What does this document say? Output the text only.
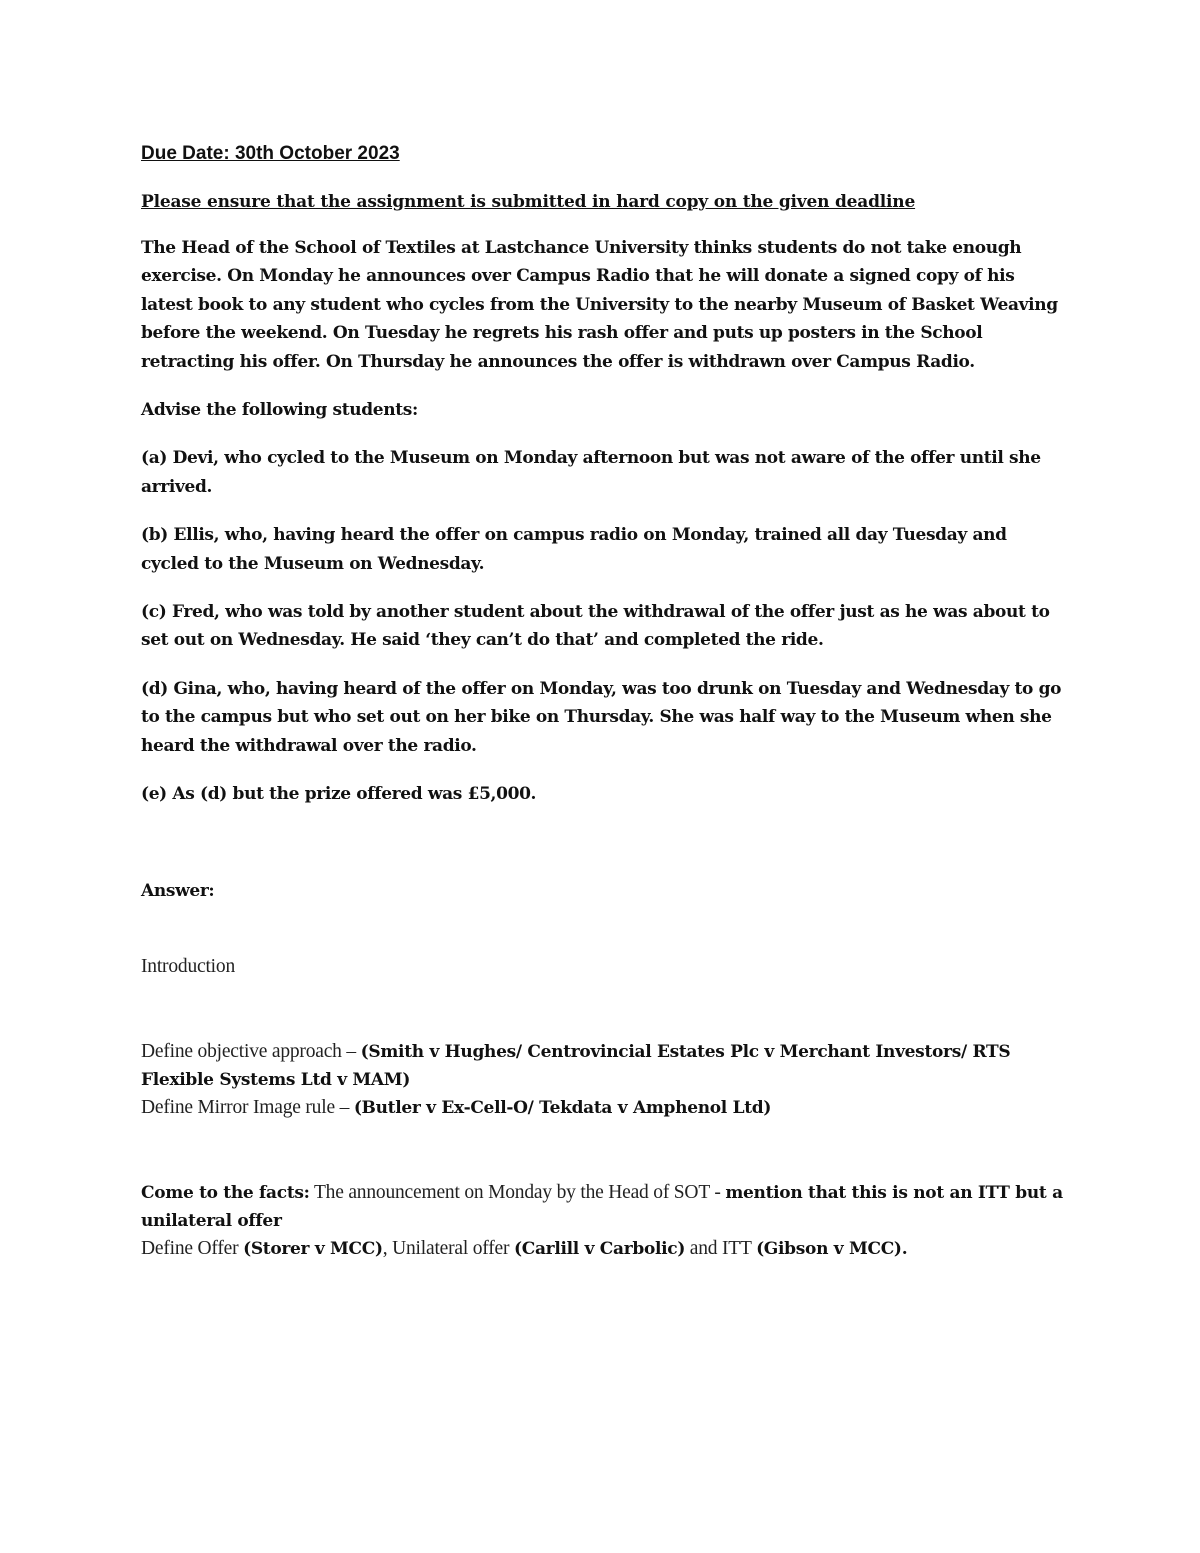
Due Date: 30th October 2023

Please ensure that the assignment is submitted in hard copy on the given deadline

The Head of the School of Textiles at Lastchance University thinks students do not take enough exercise. On Monday he announces over Campus Radio that he will donate a signed copy of his latest book to any student who cycles from the University to the nearby Museum of Basket Weaving before the weekend. On Tuesday he regrets his rash offer and puts up posters in the School retracting his offer. On Thursday he announces the offer is withdrawn over Campus Radio.

Advise the following students:

(a) Devi, who cycled to the Museum on Monday afternoon but was not aware of the offer until she arrived.

(b) Ellis, who, having heard the offer on campus radio on Monday, trained all day Tuesday and cycled to the Museum on Wednesday.

(c) Fred, who was told by another student about the withdrawal of the offer just as he was about to set out on Wednesday. He said ‘they can’t do that’ and completed the ride.

(d) Gina, who, having heard of the offer on Monday, was too drunk on Tuesday and Wednesday to go to the campus but who set out on her bike on Thursday. She was half way to the Museum when she heard the withdrawal over the radio.

(e) As (d) but the prize offered was £5,000.

Answer:

Introduction

Define objective approach – (Smith v Hughes/ Centrovincial Estates Plc v Merchant Investors/ RTS Flexible Systems Ltd v MAM)

Define Mirror Image rule – (Butler v Ex-Cell-O/ Tekdata v Amphenol Ltd)

Come to the facts: The announcement on Monday by the Head of SOT - mention that this is not an ITT but a unilateral offer

Define Offer (Storer v MCC), Unilateral offer (Carlill v Carbolic) and ITT (Gibson v MCC).
